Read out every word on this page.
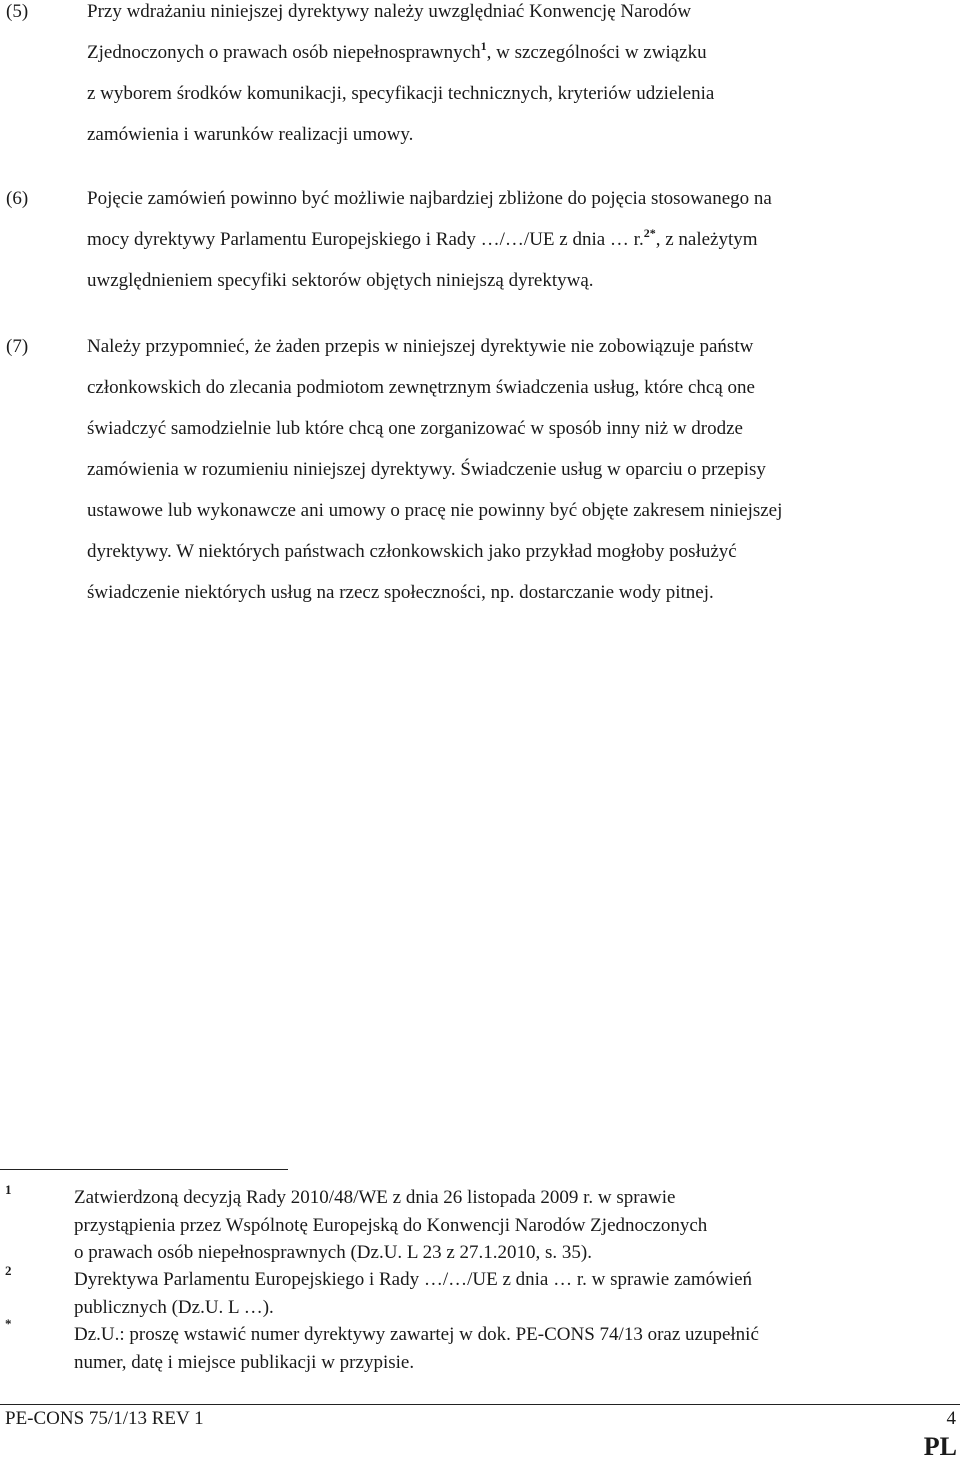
(5)	Przy wdrażaniu niniejszej dyrektywy należy uwzględniać Konwencję Narodów
Zjednoczonych o prawach osób niepełnosprawnych$^1$, w szczególności w związku
z wyborem środków komunikacji, specyfikacji technicznych, kryteriów udzielenia
zamówienia i warunków realizacji umowy.
(6)	Pojęcie zamówień powinno być możliwie najbardziej zbliżone do pojęcia stosowanego na
mocy dyrektywy Parlamentu Europejskiego i Rady …/…/UE z dnia … r.$^{2*}$, z należytym
uwzględnieniem specyfiki sektorów objętych niniejszą dyrektywą.
(7)	Należy przypomnieć, że żaden przepis w niniejszej dyrektywie nie zobowiązuje państw
członkowskich do zlecania podmiotom zewnętrznym świadczenia usług, które chcą one
świadczyć samodzielnie lub które chcą one zorganizować w sposób inny niż w drodze
zamówienia w rozumieniu niniejszej dyrektywy. Świadczenie usług w oparciu o przepisy
ustawowe lub wykonawcze ani umowy o pracę nie powinny być objęte zakresem niniejszej
dyrektywy. W niektórych państwach członkowskich jako przykład mogłoby posłużyć
świadczenie niektórych usług na rzecz społeczności, np. dostarczanie wody pitnej.
1	Zatwierdzoną decyzją Rady 2010/48/WE z dnia 26 listopada 2009 r. w sprawie
przystąpienia przez Wspólnotę Europejską do Konwencji Narodów Zjednoczonych
o prawach osób niepełnosprawnych (Dz.U. L 23 z 27.1.2010, s. 35).
2	Dyrektywa Parlamentu Europejskiego i Rady …/…/UE z dnia … r. w sprawie zamówień
publicznych (Dz.U. L …).
*
Dz.U.: proszę wstawić numer dyrektywy zawartej w dok. PE-CONS 74/13 oraz uzupełnić
numer, datę i miejsce publikacji w przypisie.
PE-CONS 75/1/13 REV 1	4
PL
